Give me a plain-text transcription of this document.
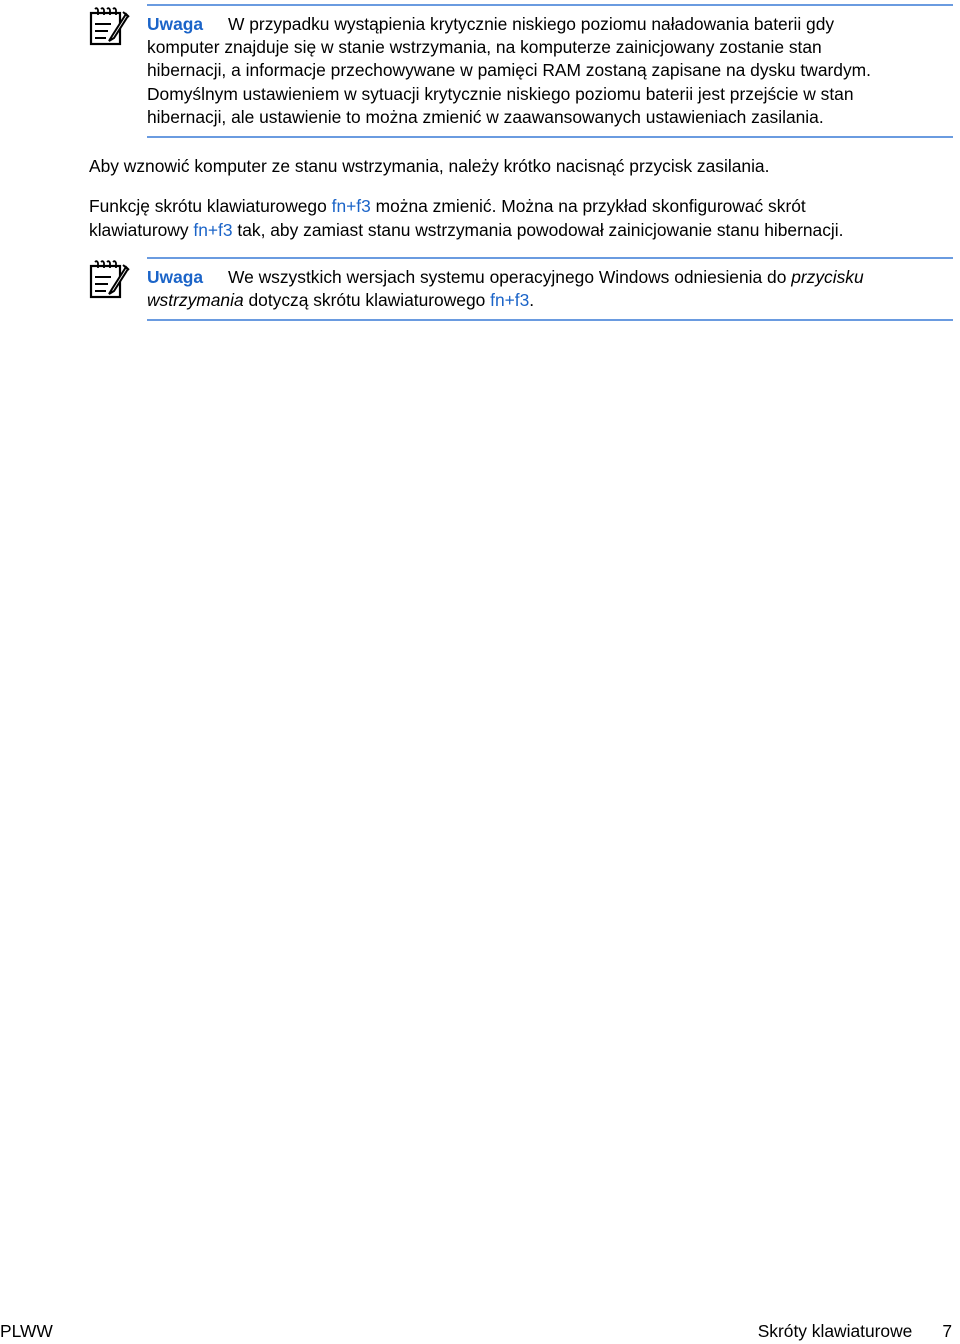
Uwaga W przypadku wystąpienia krytycznie niskiego poziomu naładowania baterii gdy
komputer znajduje się w stanie wstrzymania, na komputerze zainicjowany zostanie stan
hibernacji, a informacje przechowywane w pamięci RAM zostaną zapisane na dysku twardym.
Domyślnym ustawieniem w sytuacji krytycznie niskiego poziomu baterii jest przejście w stan
hibernacji, ale ustawienie to można zmienić w zaawansowanych ustawieniach zasilania.

Aby wznowić komputer ze stanu wstrzymania, należy krótko nacisnąć przycisk zasilania.

Funkcję skrótu klawiaturowego fn+f3 można zmienić. Można na przykład skonfigurować skrót
klawiaturowy fn+f3 tak, aby zamiast stanu wstrzymania powodował zainicjowanie stanu hibernacji.

Uwaga We wszystkich wersjach systemu operacyjnego Windows odniesienia do przycisku
wstrzymania dotyczą skrótu klawiaturowego fn+f3.
PLWW	Skróty klawiaturowe 7
